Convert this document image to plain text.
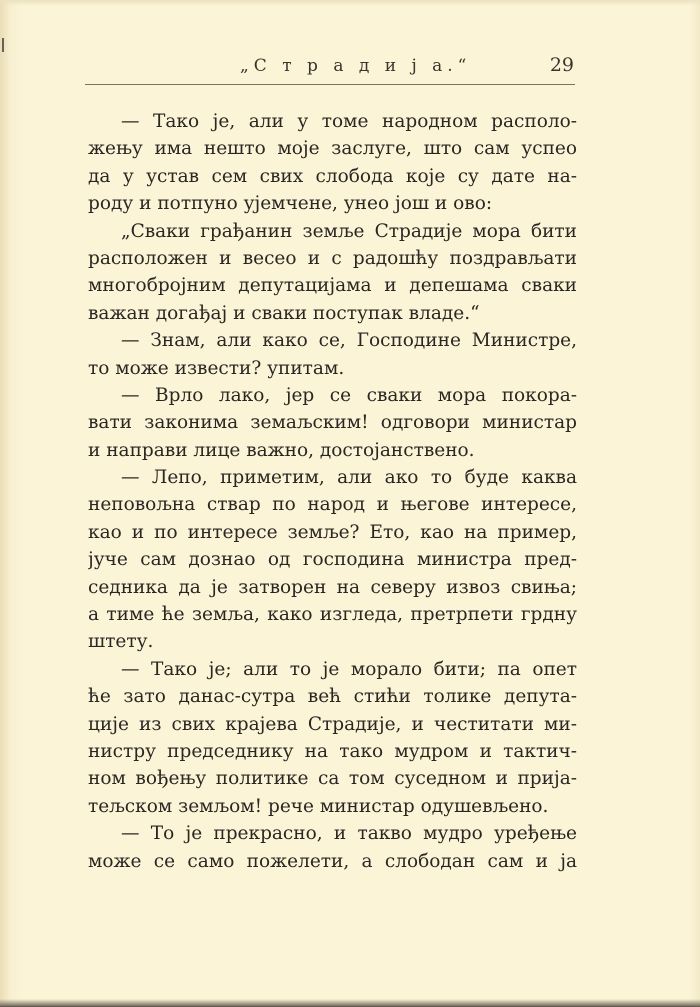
„С т р а д и ј а.“	29
— Тако је, али у томе народном располо-
жењу има нешто моје заслуге, што сам успео
да у устав сем свих слобода које су дате на-
роду и потпуно ујемчене, унео још и ово:
„Сваки грађанин земље Страдије мора бити
расположен и весео и с радошћу поздрављати
многобројним депутацијама и депешама сваки
важан догађај и сваки поступак владе.“
— Знам, али како се, Господине Министре,
то може извести? упитам.
— Врло лако, јер се сваки мора покора-
вати законима земаљским! одговори министар
и направи лице важно, достојанствено.
— Лепо, приметим, али ако то буде каква
неповољна ствар по народ и његове интересе,
као и по интересе земље? Ето, као на пример,
јуче сам дознао од господина министра пред-
седника да је затворен на северу извоз свиња;
а тиме ће земља, како изгледа, претрпети грдну
штету.
— Тако је; али то је морало бити; па опет
ће зато данас-сутра већ стићи толике депута-
ције из свих крајева Страдије, и честитати ми-
нистру председнику на тако мудром и тактич-
ном вођењу политике са том суседном и прија-
тељском земљом! рече министар одушевљено.
— То је прекрасно, и такво мудро уређење
може се само пожелети, а слободан сам и ја
